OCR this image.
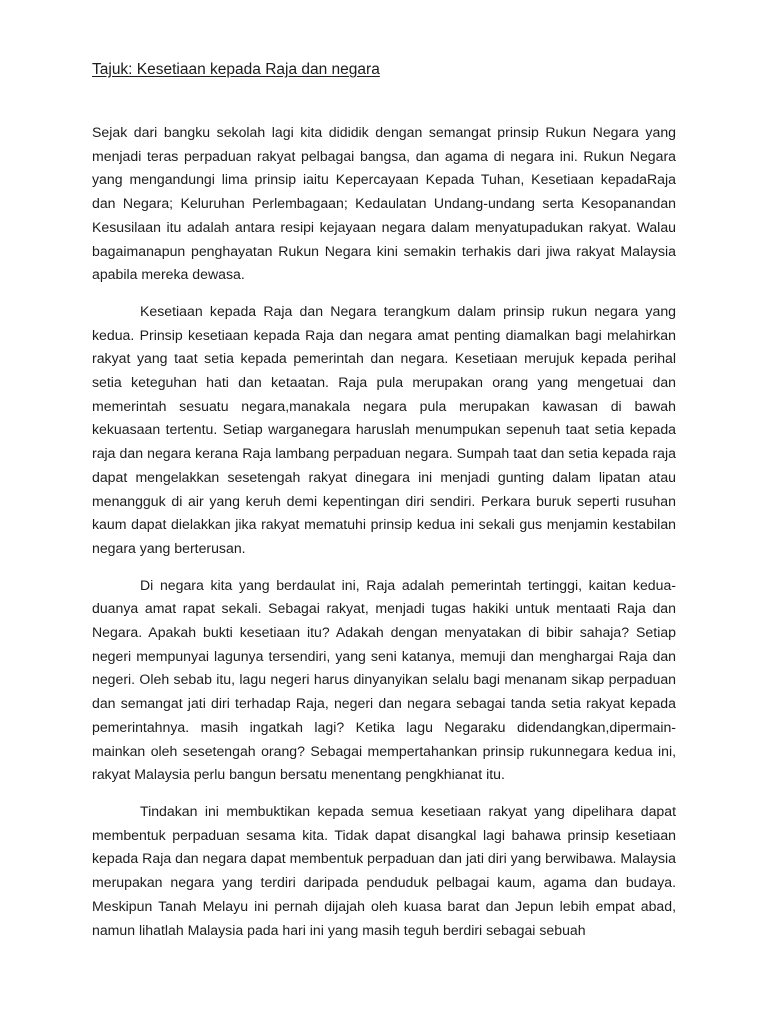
Tajuk: Kesetiaan kepada Raja dan negara

Sejak dari bangku sekolah lagi kita dididik dengan semangat prinsip Rukun Negara yang menjadi teras perpaduan rakyat pelbagai bangsa, dan agama di negara ini. Rukun Negara yang mengandungi lima prinsip iaitu Kepercayaan Kepada Tuhan, Kesetiaan kepadaRaja dan Negara; Keluruhan Perlembagaan; Kedaulatan Undang-undang serta Kesopanandan Kesusilaan itu adalah antara resipi kejayaan negara dalam menyatupadukan rakyat. Walau bagaimanapun penghayatan Rukun Negara kini semakin terhakis dari jiwa rakyat Malaysia apabila mereka dewasa.

Kesetiaan kepada Raja dan Negara terangkum dalam prinsip rukun negara yang kedua. Prinsip kesetiaan kepada Raja dan negara amat penting diamalkan bagi melahirkan rakyat yang taat setia kepada pemerintah dan negara. Kesetiaan merujuk kepada perihal setia keteguhan hati dan ketaatan. Raja pula merupakan orang yang mengetuai dan memerintah sesuatu negara,manakala negara pula merupakan kawasan di bawah kekuasaan tertentu. Setiap warganegara haruslah menumpukan sepenuh taat setia kepada raja dan negara kerana Raja lambang perpaduan negara. Sumpah taat dan setia kepada raja dapat mengelakkan sesetengah rakyat dinegara ini menjadi gunting dalam lipatan atau menangguk di air yang keruh demi kepentingan diri sendiri. Perkara buruk seperti rusuhan kaum dapat dielakkan jika rakyat mematuhi prinsip kedua ini sekali gus menjamin kestabilan negara yang berterusan.

Di negara kita yang berdaulat ini, Raja adalah pemerintah tertinggi, kaitan kedua-duanya amat rapat sekali. Sebagai rakyat, menjadi tugas hakiki untuk mentaati Raja dan Negara. Apakah bukti kesetiaan itu? Adakah dengan menyatakan di bibir sahaja? Setiap negeri mempunyai lagunya tersendiri, yang seni katanya, memuji dan menghargai Raja dan negeri. Oleh sebab itu, lagu negeri harus dinyanyikan selalu bagi menanam sikap perpaduan dan semangat jati diri terhadap Raja, negeri dan negara sebagai tanda setia rakyat kepada pemerintahnya. masih ingatkah lagi? Ketika lagu Negaraku didendangkan,dipermain-mainkan oleh sesetengah orang? Sebagai mempertahankan prinsip rukunnegara kedua ini, rakyat Malaysia perlu bangun bersatu menentang pengkhianat itu.

Tindakan ini membuktikan kepada semua kesetiaan rakyat yang dipelihara dapat membentuk perpaduan sesama kita. Tidak dapat disangkal lagi bahawa prinsip kesetiaan kepada Raja dan negara dapat membentuk perpaduan dan jati diri yang berwibawa. Malaysia merupakan negara yang terdiri daripada penduduk pelbagai kaum, agama dan budaya. Meskipun Tanah Melayu ini pernah dijajah oleh kuasa barat dan Jepun lebih empat abad, namun lihatlah Malaysia pada hari ini yang masih teguh berdiri sebagai sebuah
